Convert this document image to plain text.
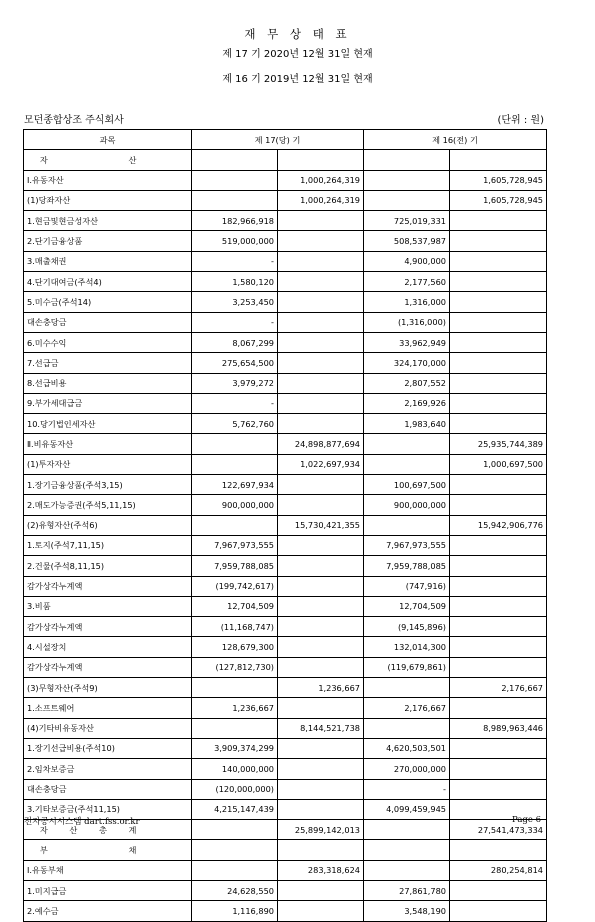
재 무 상 태 표
제 17 기 2020년 12월 31일 현재
제 16 기 2019년 12월 31일 현재
모던종합상조 주식회사	(단위 : 원)
과목	제 17(당) 기		제 16(전) 기	

자 산				

Ⅰ.유동자산		1,000,264,319		1,605,728,945
(1)당좌자산		1,000,264,319		1,605,728,945
1.현금및현금성자산	182,966,918		725,019,331	
2.단기금융상품	519,000,000		508,537,987	
3.매출채권	-		4,900,000	
4.단기대여금(주석4)	1,580,120		2,177,560	
5.미수금(주석14)	3,253,450		1,316,000	
대손충당금	-		(1,316,000)	
6.미수수익	8,067,299		33,962,949	
7.선급금	275,654,500		324,170,000	
8.선급비용	3,979,272		2,807,552	
9.부가세대급금	-		2,169,926	
10.당기법인세자산	5,762,760		1,983,640	
Ⅱ.비유동자산		24,898,877,694		25,935,744,389
(1)투자자산		1,022,697,934		1,000,697,500
1.장기금융상품(주석3,15)	122,697,934		100,697,500	
2.매도가능증권(주석5,11,15)	900,000,000		900,000,000	
(2)유형자산(주석6)		15,730,421,355		15,942,906,776
1.토지(주석7,11,15)	7,967,973,555		7,967,973,555	
2.건물(주석8,11,15)	7,959,788,085		7,959,788,085	
감가상각누계액	(199,742,617)		(747,916)	
3.비품	12,704,509		12,704,509	
감가상각누계액	(11,168,747)		(9,145,896)	
4.시설장치	128,679,300		132,014,300	
감가상각누계액	(127,812,730)		(119,679,861)	
(3)무형자산(주석9)		1,236,667		2,176,667
1.소프트웨어	1,236,667		2,176,667	
(4)기타비유동자산		8,144,521,738		8,989,963,446
1.장기선급비용(주석10)	3,909,374,299		4,620,503,501	
2.임차보증금	140,000,000		270,000,000	
대손충당금	(120,000,000)		-	
3.기타보증금(주석11,15)	4,215,147,439		4,099,459,945	

자 산 총 계		25,899,142,013		27,541,473,334

부 채				

Ⅰ.유동부채		283,318,624		280,254,814
1.미지급금	24,628,550		27,861,780	
2.예수금	1,116,890		3,548,190	
전자공시시스템 dart.fss.or.kr	Page 6
